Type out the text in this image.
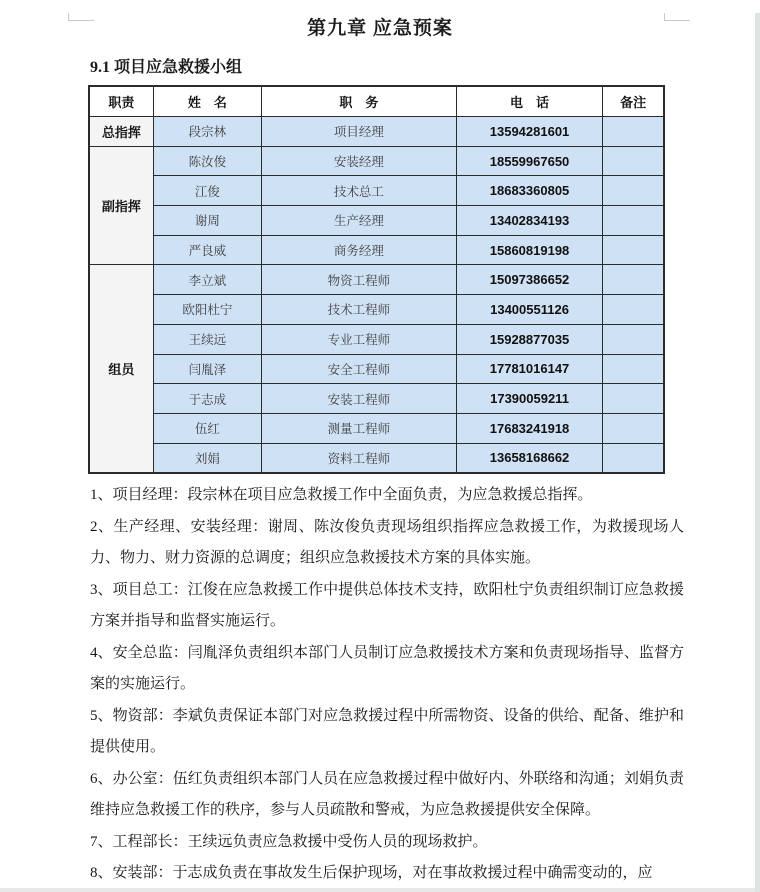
第九章 应急预案
9.1 项目应急救援小组
职责	姓　名	职　务	电　话	备注
总指挥	段宗林	项目经理	13594281601	
副指挥	陈汝俊	安装经理	18559967650	
	江俊	技术总工	18683360805	
	谢周	生产经理	13402834193	
	严良威	商务经理	15860819198	
组员	李立斌	物资工程师	15097386652	
	欧阳杜宁	技术工程师	13400551126	
	王续远	专业工程师	15928877035	
	闫胤泽	安全工程师	17781016147	
	于志成	安装工程师	17390059211	
	伍红	测量工程师	17683241918	
	刘娟	资料工程师	13658168662	

1、项目经理：段宗林在项目应急救援工作中全面负责，为应急救援总指挥。

2、生产经理、安装经理：谢周、陈汝俊负责现场组织指挥应急救援工作，为救援现场人力、物力、财力资源的总调度；组织应急救援技术方案的具体实施。

3、项目总工：江俊在应急救援工作中提供总体技术支持，欧阳杜宁负责组织制订应急救援方案并指导和监督实施运行。

4、安全总监：闫胤泽负责组织本部门人员制订应急救援技术方案和负责现场指导、监督方案的实施运行。

5、物资部：李斌负责保证本部门对应急救援过程中所需物资、设备的供给、配备、维护和提供使用。

6、办公室：伍红负责组织本部门人员在应急救援过程中做好内、外联络和沟通；刘娟负责维持应急救援工作的秩序，参与人员疏散和警戒，为应急救援提供安全保障。

7、工程部长：王续远负责应急救援中受伤人员的现场救护。

8、安装部：于志成负责在事故发生后保护现场，对在事故救援过程中确需变动的，应
